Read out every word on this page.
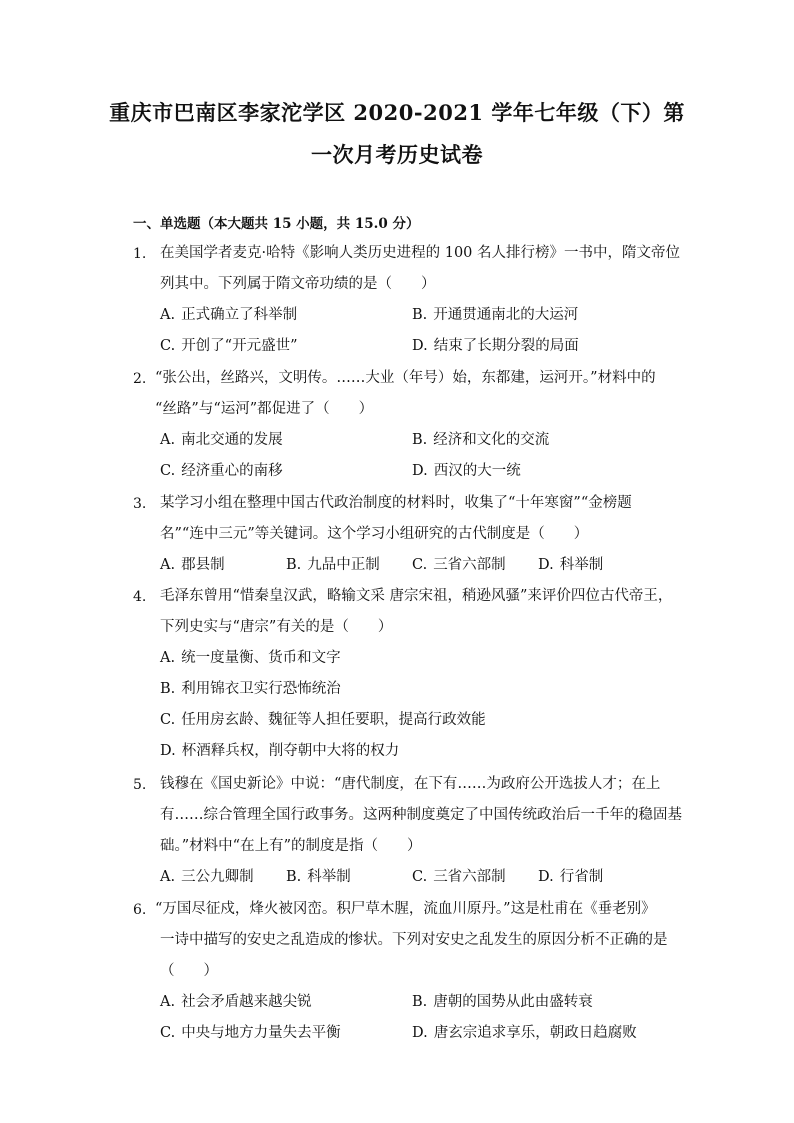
重庆市巴南区李家沱学区 2020-2021 学年七年级（下）第
一次月考历史试卷
一、单选题（本大题共 15 小题，共 15.0 分）
1. 在美国学者麦克·哈特《影响人类历史进程的 100 名人排行榜》一书中，隋文帝位
列其中。下列属于隋文帝功绩的是（　　）
A. 正式确立了科举制	B. 开通贯通南北的大运河
C. 开创了“开元盛世”	D. 结束了长期分裂的局面
2. “张公出，丝路兴，文明传。……大业（年号）始，东都建，运河开。”材料中的
“丝路”与“运河”都促进了（　　）
A. 南北交通的发展	B. 经济和文化的交流
C. 经济重心的南移	D. 西汉的大一统
3. 某学习小组在整理中国古代政治制度的材料时，收集了“十年寒窗”“金榜题
名”“连中三元”等关键词。这个学习小组研究的古代制度是（　　）
A. 郡县制	B. 九品中正制 C. 三省六部制 D. 科举制
4. 毛泽东曾用“惜秦皇汉武，略输文采 唐宗宋祖，稍逊风骚”来评价四位古代帝王，
下列史实与“唐宗”有关的是（　　）
A. 统一度量衡、货币和文字
B. 利用锦衣卫实行恐怖统治
C. 任用房玄龄、魏征等人担任要职，提高行政效能
D. 杯酒释兵权，削夺朝中大将的权力
5. 钱穆在《国史新论》中说：“唐代制度，在下有……为政府公开选拔人才；在上
有……综合管理全国行政事务。这两种制度奠定了中国传统政治后一千年的稳固基
础。”材料中“在上有”的制度是指（　　）
A. 三公九卿制 B. 科举制	C. 三省六部制 D. 行省制
6. “万国尽征戍，烽火被冈峦。积尸草木腥，流血川原丹。”这是杜甫在《垂老别》
一诗中描写的安史之乱造成的惨状。下列对安史之乱发生的原因分析不正确的是
（　　）
A. 社会矛盾越来越尖锐	B. 唐朝的国势从此由盛转衰
C. 中央与地方力量失去平衡	D. 唐玄宗追求享乐，朝政日趋腐败
